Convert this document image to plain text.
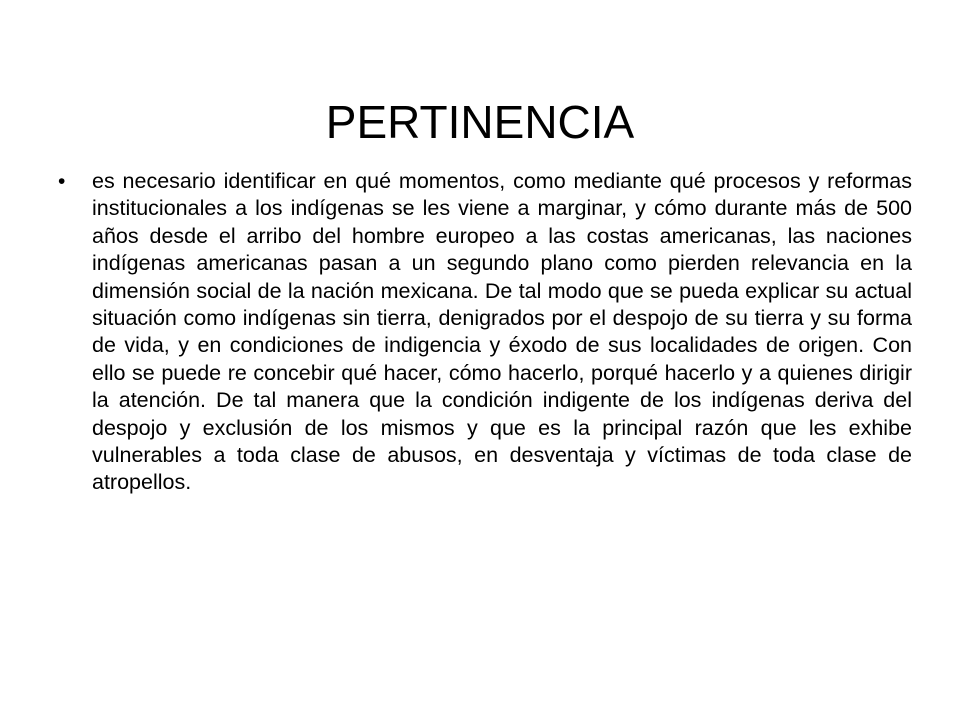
PERTINENCIA
• es necesario identificar en qué momentos, como mediante qué procesos y reformas institucionales a los indígenas se les viene a marginar, y cómo durante más de 500 años desde el arribo del hombre europeo a las costas americanas, las naciones indígenas americanas pasan a un segundo plano como pierden relevancia en la dimensión social de la nación mexicana. De tal modo que se pueda explicar su actual situación como indígenas sin tierra, denigrados por el despojo de su tierra y su forma de vida, y en condiciones de indigencia y éxodo de sus localidades de origen. Con ello se puede re concebir qué hacer, cómo hacerlo, porqué hacerlo y a quienes dirigir la atención. De tal manera que la condición indigente de los indígenas deriva del despojo y exclusión de los mismos y que es la principal razón que les exhibe vulnerables a toda clase de abusos, en desventaja y víctimas de toda clase de atropellos.
